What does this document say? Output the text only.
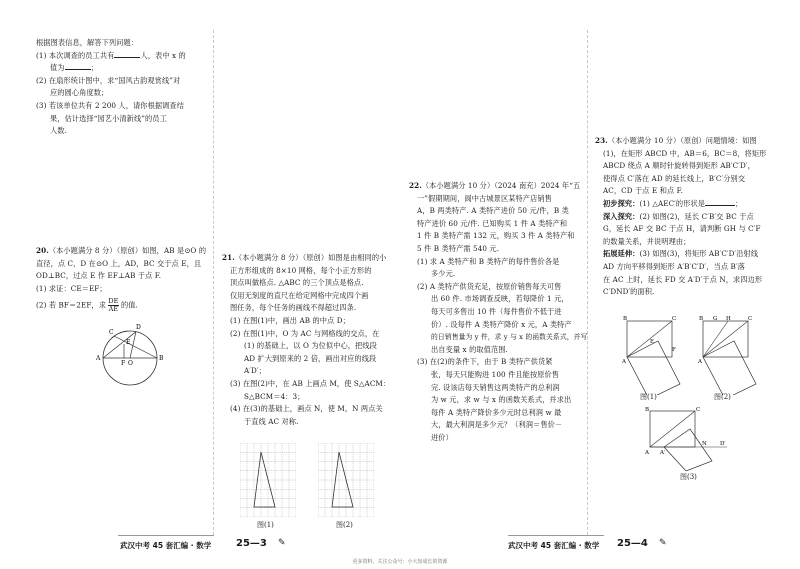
根据图表信息，解答下列问题：
(1) 本次调查的员工共有	人，表中 x 的
值为	；
(2) 在扇形统计图中，求“国风古韵观赏线”对
应的圆心角度数；
(3) 若该单位共有 2 200 人，请你根据调查结
果，估计选择“园艺小清新线”的员工
人数.
20.（本小题满分 8 分）（原创）如图，AB 是⊙O 的
直径，点 C，D 在⊙O 上，AD，BC 交于点 E，且
OD⊥BC，过点 E 作 EF⊥AB 于点 F.
(1) 求证：CE＝EF；
(2) 若 BF＝2EF，求 $\frac{DE}{AE}$ 的值.
A	B
C
D
E
F O
21.（本小题满分 8 分）（原创）如图是由相同的小
正方形组成的 8×10 网格，每个小正方形的
顶点叫做格点. △ABC 的三个顶点是格点.
仅用无刻度的直尺在给定网格中完成四个画
图任务，每个任务的画线不得超过四条.
(1) 在图(1)中，画出 AB 的中点 D；
(2) 在图(1)中，O 为 AC 与网格线的交点，在
(1) 的基础上，以 O 为位似中心，把线段
AD 扩大到原来的 2 倍，画出对应的线段
A′D′；
(3) 在图(2)中，在 AB 上画点 M，使 S△ACM：
S△BCM＝4：3；
(4) 在(3)的基础上，画点 N，使 M，N 两点关
于直线 AC 对称.
图(1)	图(2)
22.（本小题满分 10 分）（2024 南充）2024 年“五
一”假期期间，阆中古城景区某特产店销售
A，B 两类特产. A 类特产进价 50 元/件，B 类
特产进价 60 元/件. 已知购买 1 件 A 类特产和
1 件 B 类特产需 132 元，购买 3 件 A 类特产和
5 件 B 类特产需 540 元.
(1) 求 A 类特产和 B 类特产的每件售价各是
多少元.
(2) A 类特产供货充足，按原价销售每天可售
出 60 件. 市场调查反映，若每降价 1 元，
每天可多售出 10 件（每件售价不低于进
价）. 设每件 A 类特产降价 x 元，A 类特产
的日销售量为 y 件，求 y 与 x 的函数关系式，并写
出自变量 x 的取值范围.
(3) 在(2)的条件下，由于 B 类特产供货紧
张，每天只能购进 100 件且能按原价售
完. 设该店每天销售这两类特产的总利润
为 w 元，求 w 与 x 的函数关系式，并求出
每件 A 类特产降价多少元时总利润 w 最
大，最大利润是多少元？（利润＝售价－
进价）
23.（本小题满分 10 分）（原创）问题情境：如图
(1)，在矩形 ABCD 中，AB＝6，BC＝8，将矩形
ABCD 绕点 A 顺时针旋转得到矩形 AB′C′D′，
使得点 C′落在 AD 的延长线上，B′C′分别交
AC，CD 于点 E 和点 F.
初步探究：(1) △AEC′的形状是	；
深入探究：(2) 如图(2)，延长 C′B′交 BC 于点
G，延长 AF 交 BC 于点 H，请判断 GH 与 C′F
的数量关系，并说明理由；
拓展延伸：(3) 如图(3)，将矩形 AB′C′D′沿射线
AD 方向平移得到矩形 A′B′C′D′，当点 B′落
在 AC 上时，延长 FD 交 A′D′于点 N，求四边形
C′DND′的面积.
B	C
A
E
F
图(1)
B G H	C
A
图(2)
B	C
A A′
N D′
图(3)
武汉中考 45 套汇编 · 数学 25—3 ✎	武汉中考 45 套汇编 · 数学 25—4 ✎
更多资料，关注公众号：小大知成长的资源
